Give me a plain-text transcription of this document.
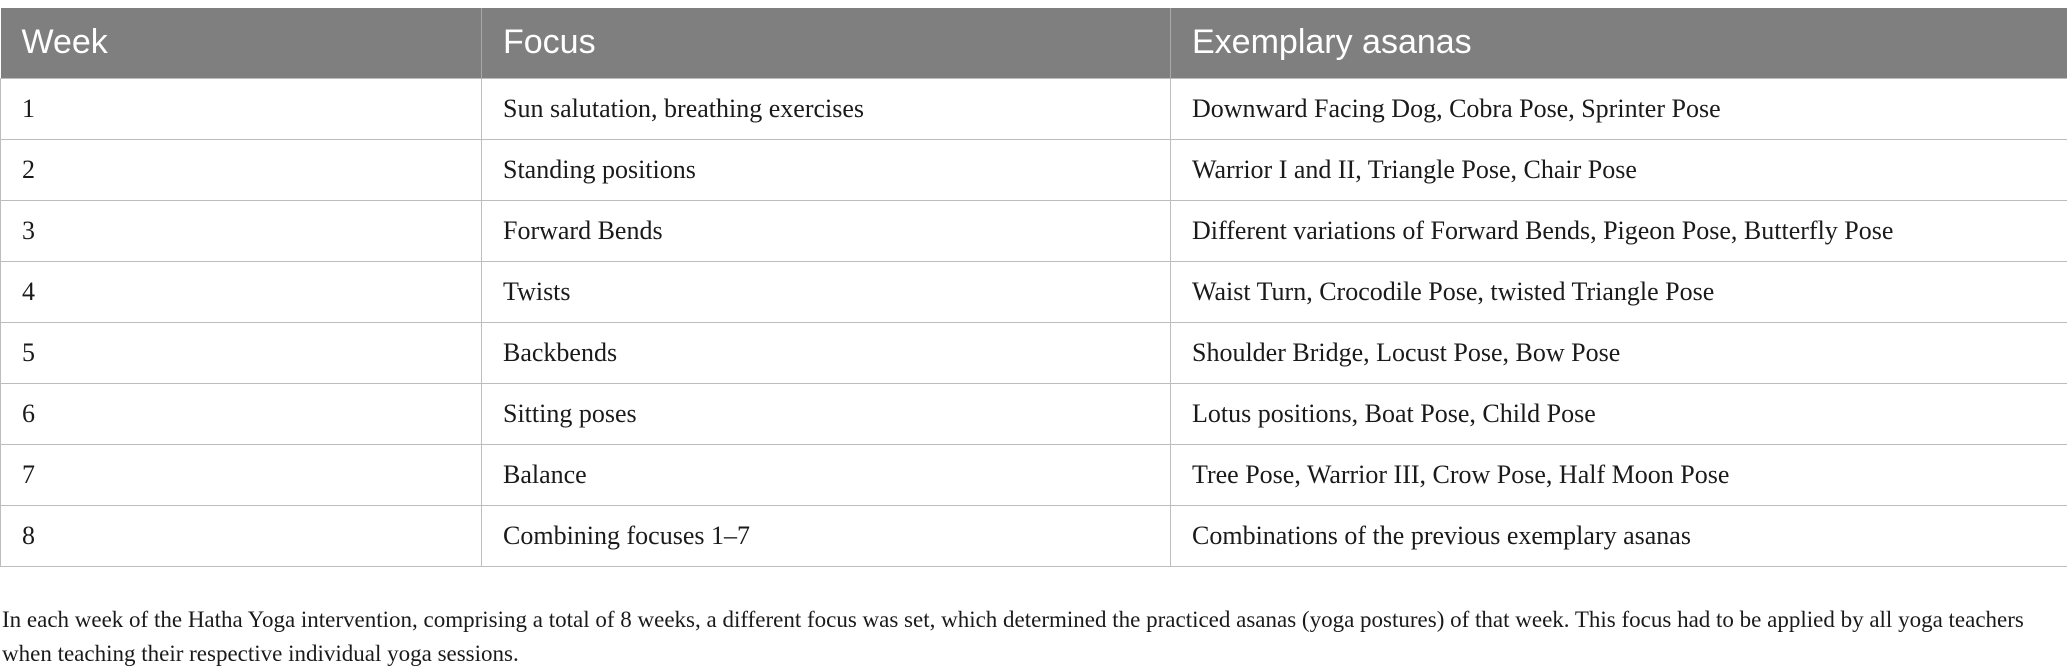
Week	Focus	Exemplary asanas
1	Sun salutation, breathing exercises	Downward Facing Dog, Cobra Pose, Sprinter Pose
2	Standing positions	Warrior I and II, Triangle Pose, Chair Pose
3	Forward Bends	Different variations of Forward Bends, Pigeon Pose, Butterfly Pose
4	Twists	Waist Turn, Crocodile Pose, twisted Triangle Pose
5	Backbends	Shoulder Bridge, Locust Pose, Bow Pose
6	Sitting poses	Lotus positions, Boat Pose, Child Pose
7	Balance	Tree Pose, Warrior III, Crow Pose, Half Moon Pose
8	Combining focuses 1–7	Combinations of the previous exemplary asanas

In each week of the Hatha Yoga intervention, comprising a total of 8 weeks, a different focus was set, which determined the practiced asanas (yoga postures) of that week. This focus had to be applied by all yoga teachers when teaching their respective individual yoga sessions.
